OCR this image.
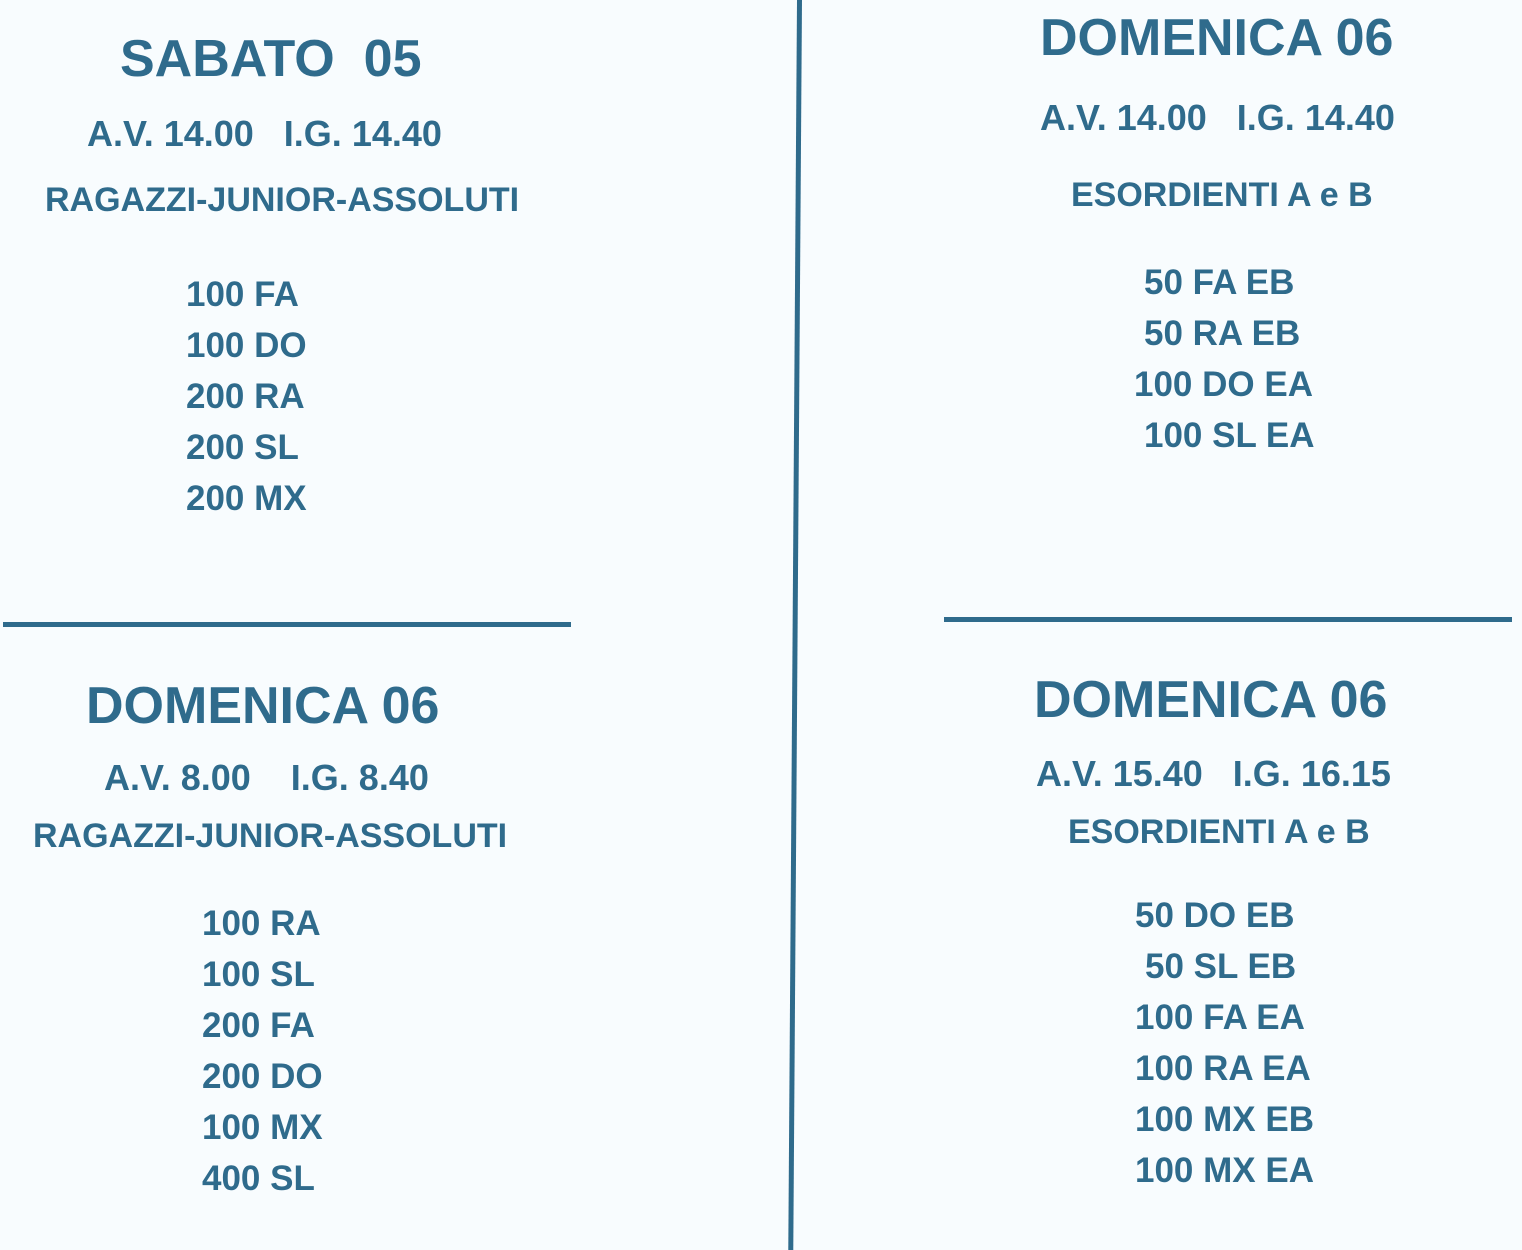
SABATO  05
A.V. 14.00   I.G. 14.40
RAGAZZI-JUNIOR-ASSOLUTI
100 FA
100 DO
200 RA
200 SL
200 MX
DOMENICA 06
A.V. 14.00   I.G. 14.40
ESORDIENTI A e B
50 FA EB
50 RA EB
100 DO EA
100 SL EA
DOMENICA 06
A.V. 8.00    I.G. 8.40
RAGAZZI-JUNIOR-ASSOLUTI
100 RA
100 SL
200 FA
200 DO
100 MX
400 SL
DOMENICA 06
A.V. 15.40   I.G. 16.15
ESORDIENTI A e B
50 DO EB
50 SL EB
100 FA EA
100 RA EA
100 MX EB
100 MX EA
